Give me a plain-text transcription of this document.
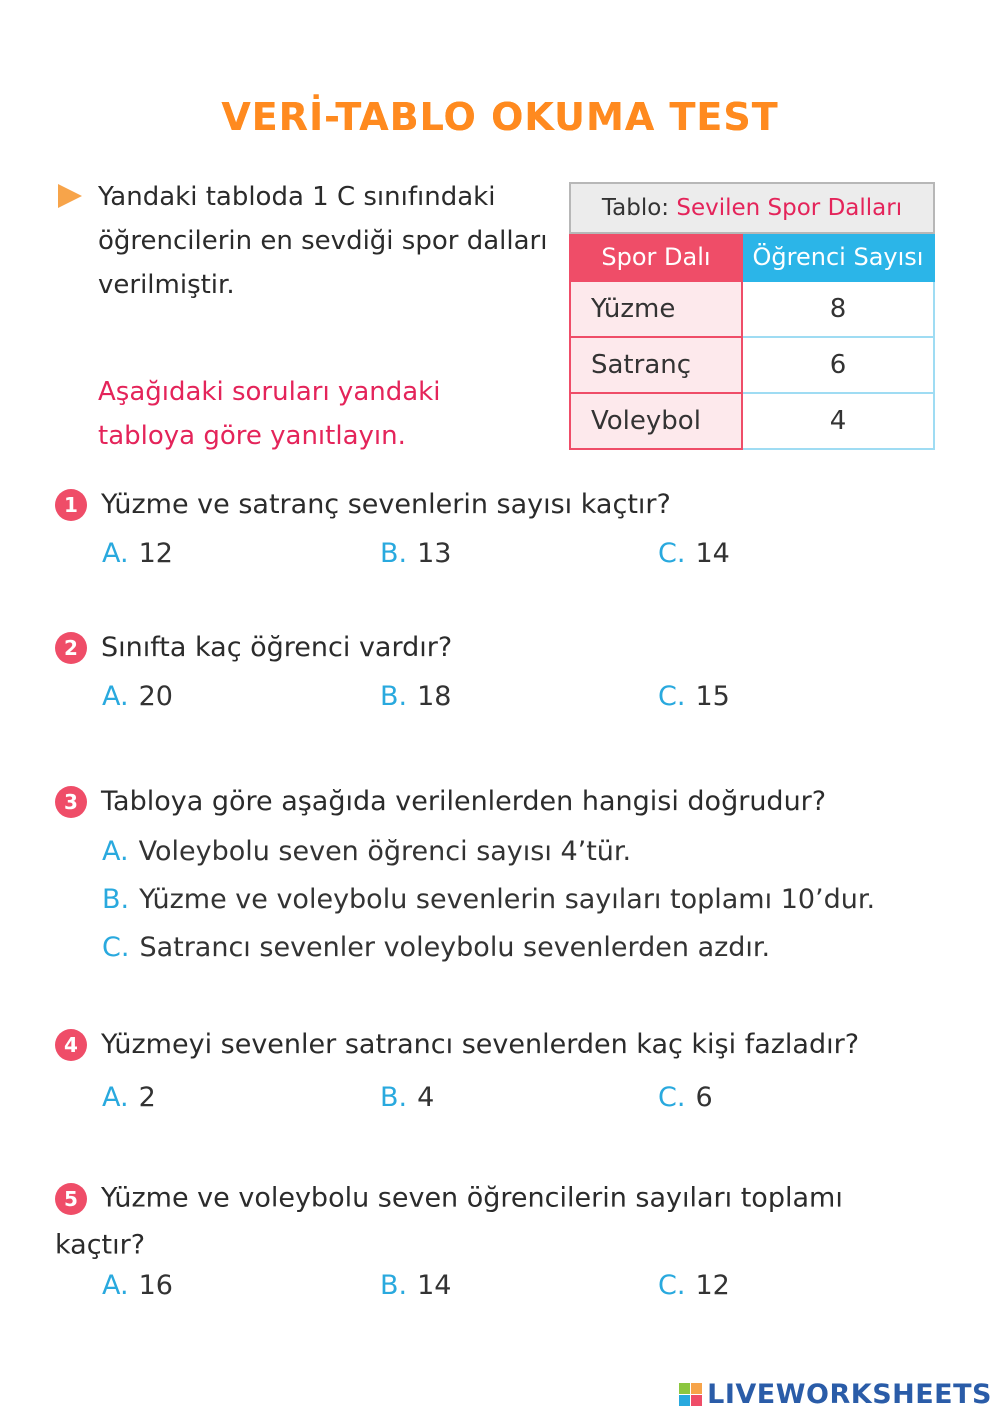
VERİ-TABLO OKUMA TEST
Yandaki tabloda 1 C sınıfındaki öğrencilerin en sevdiği spor dalları verilmiştir.
Aşağıdaki soruları yandaki tabloya göre yanıtlayın.
Tablo: Sevilen Spor Dalları	
Spor Dalı	Öğrenci Sayısı
Yüzme	8
Satranç	6
Voleybol	4
1 Yüzme ve satranç sevenlerin sayısı kaçtır?
A. 12	B. 13	C. 14
2 Sınıfta kaç öğrenci vardır?
A. 20	B. 18	C. 15
3 Tabloya göre aşağıda verilenlerden hangisi doğrudur?
A. Voleybolu seven öğrenci sayısı 4’tür.
B. Yüzme ve voleybolu sevenlerin sayıları toplamı 10’dur.
C. Satrancı sevenler voleybolu sevenlerden azdır.
4 Yüzmeyi sevenler satrancı sevenlerden kaç kişi fazladır?
A. 2	B. 4	C. 6
5 Yüzme ve voleybolu seven öğrencilerin sayıları toplamı kaçtır?
A. 16	B. 14	C. 12
LIVEWORKSHEETS
